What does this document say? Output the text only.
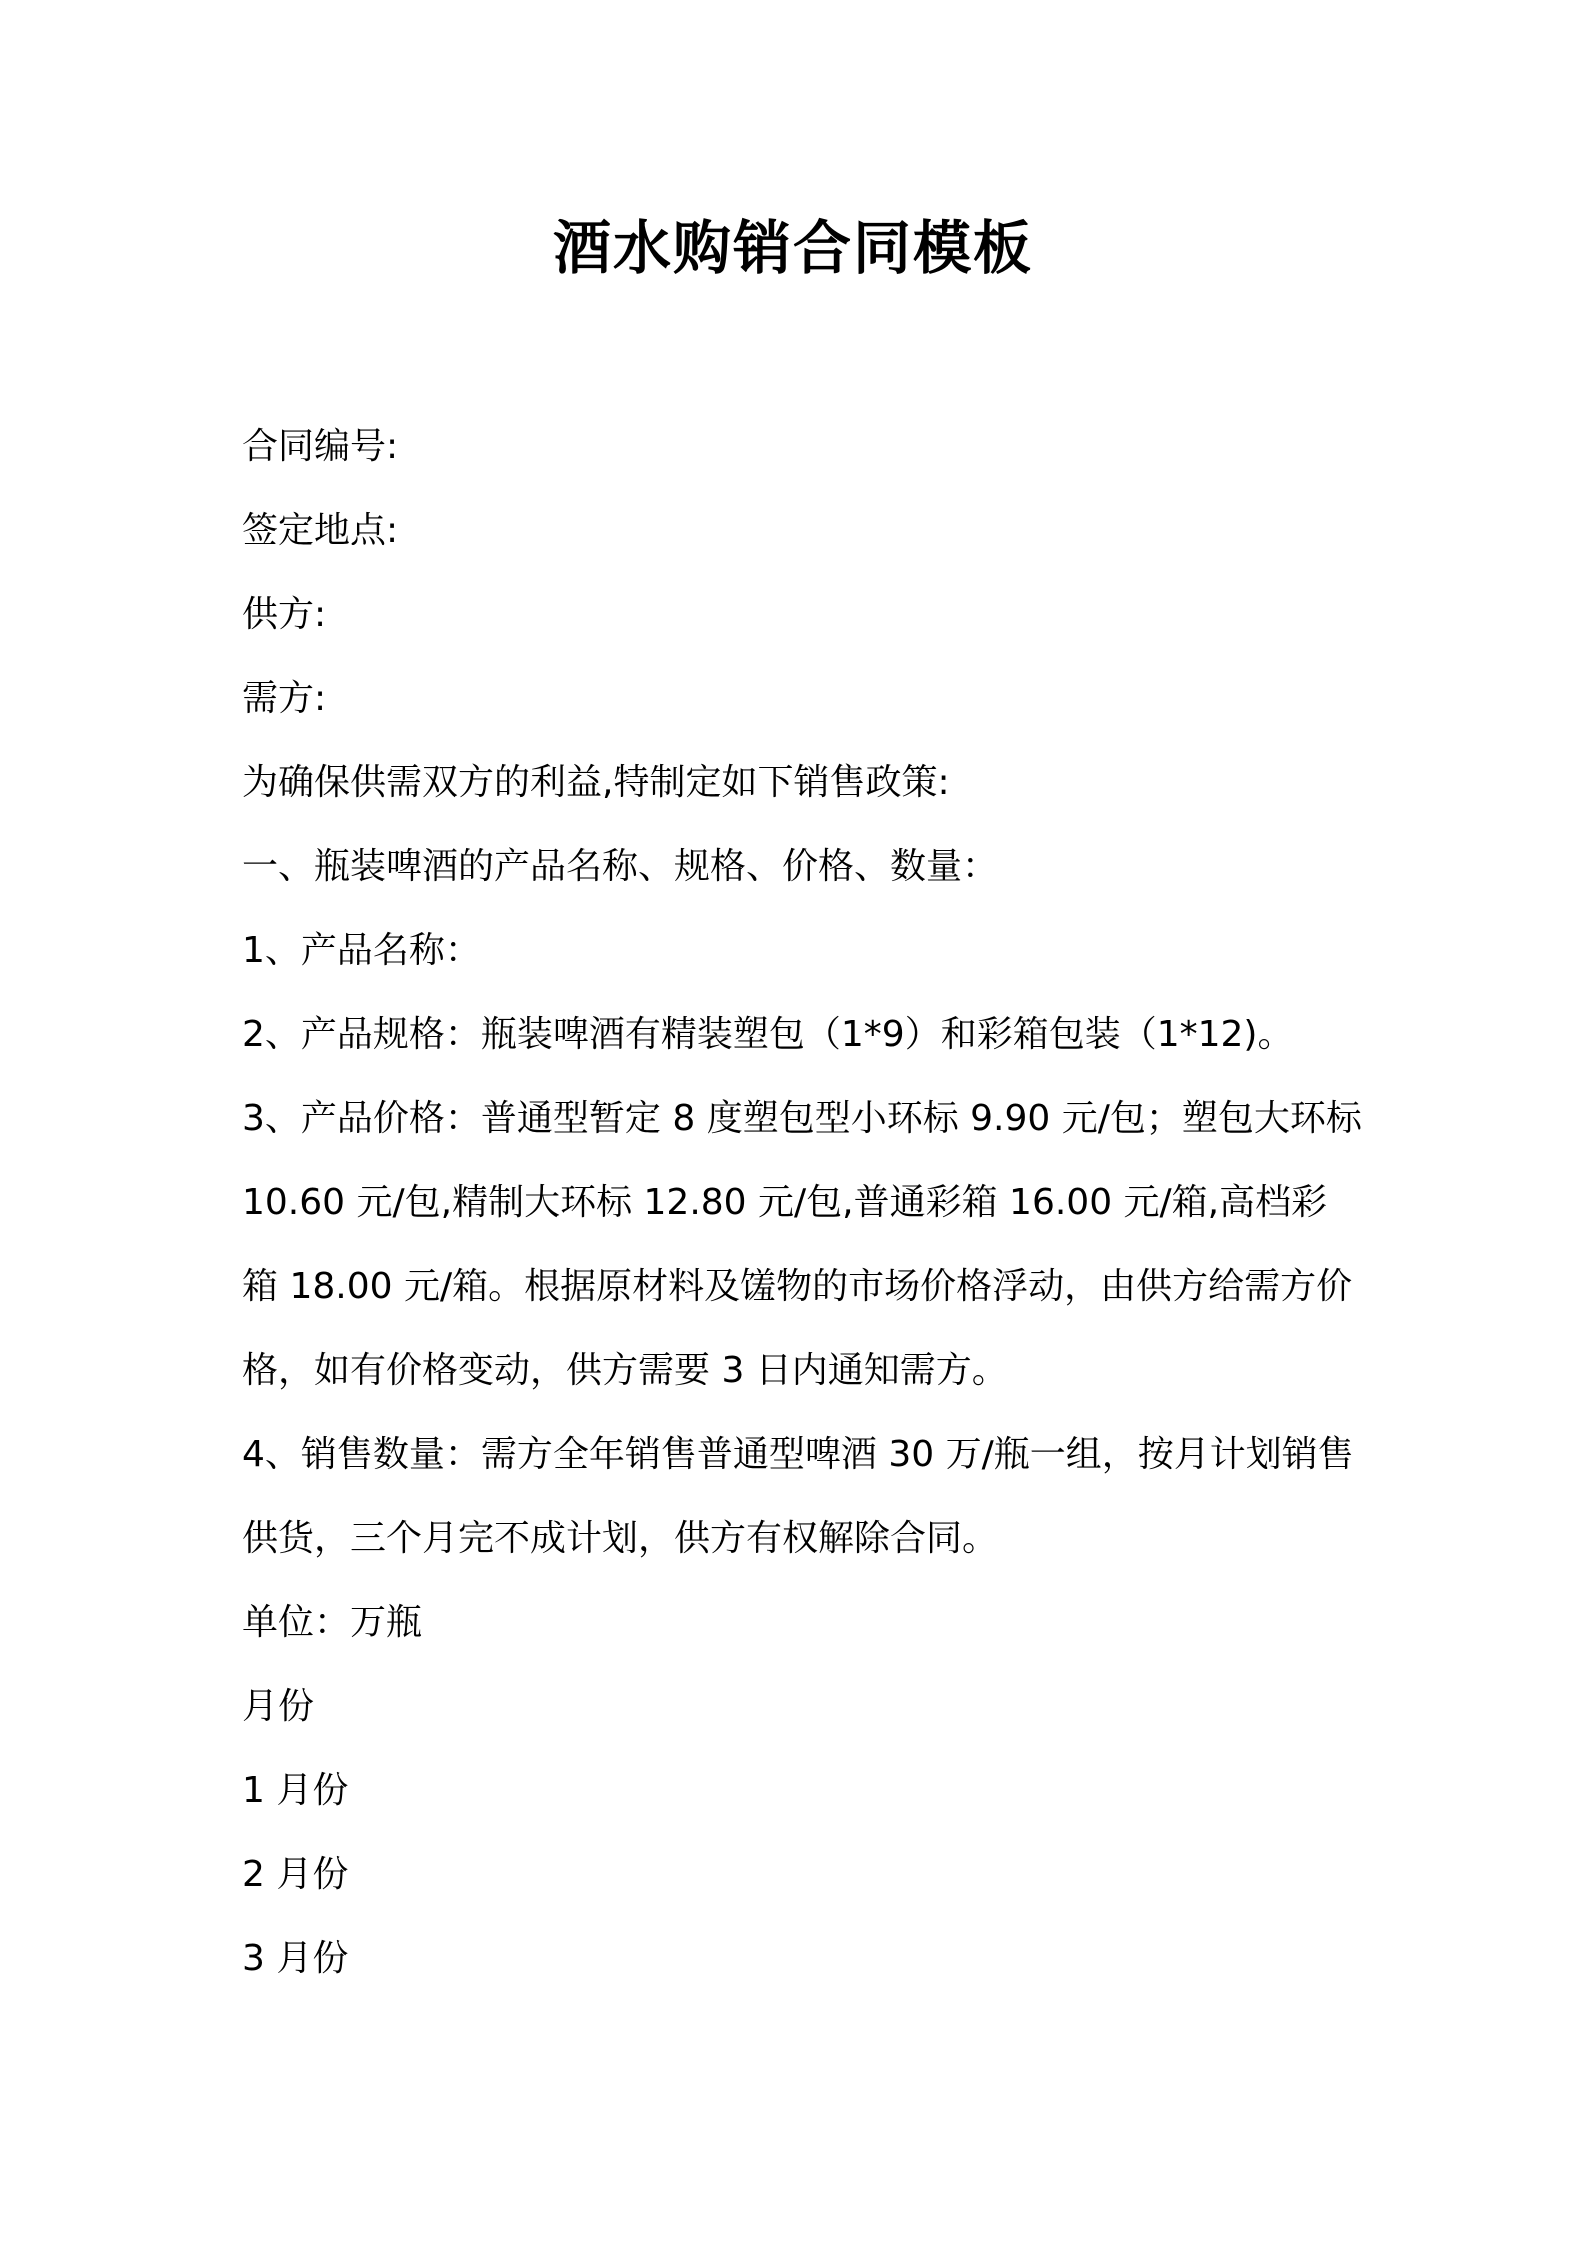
酒水购销合同模板

合同编号:

签定地点:

供方:

需方:

为确保供需双方的利益,特制定如下销售政策:

一、瓶装啤酒的产品名称、规格、价格、数量：

1、产品名称：

2、产品规格：瓶装啤酒有精装塑包（1*9）和彩箱包装（1*12)。

3、产品价格：普通型暂定 8 度塑包型小环标 9.90 元/包；塑包大环标 10.60 元/包,精制大环标 12.80 元/包,普通彩箱 16.00 元/箱,高档彩箱 18.00 元/箱。根据原材料及馐物的市场价格浮动，由供方给需方价格，如有价格变动，供方需要 3 日内通知需方。

4、销售数量：需方全年销售普通型啤酒 30 万/瓶一组，按月计划销售供货，三个月完不成计划，供方有权解除合同。

单位：万瓶

月份

1 月份

2 月份

3 月份
